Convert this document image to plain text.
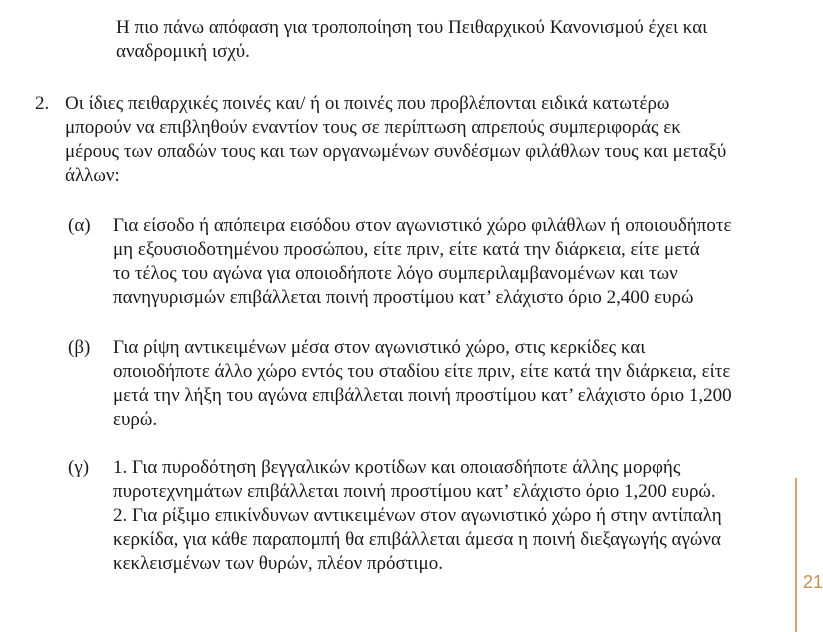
Η πιο πάνω απόφαση για τροποποίηση του Πειθαρχικού Κανονισμού έχει και
αναδρομική ισχύ.
2. Οι ίδιες πειθαρχικές ποινές και/ ή οι ποινές που προβλέπονται ειδικά κατωτέρω
μπορούν να επιβληθούν εναντίον τους σε περίπτωση απρεπούς συμπεριφοράς εκ
μέρους των οπαδών τους και των οργανωμένων συνδέσμων φιλάθλων τους και μεταξύ
άλλων:
(α) Για είσοδο ή απόπειρα εισόδου στον αγωνιστικό χώρο φιλάθλων ή οποιουδήποτε
μη εξουσιοδοτημένου προσώπου, είτε πριν, είτε κατά την διάρκεια, είτε μετά
το τέλος του αγώνα για οποιοδήποτε λόγο συμπεριλαμβανομένων και των
πανηγυρισμών επιβάλλεται ποινή προστίμου κατ’ ελάχιστο όριο 2,400 ευρώ
(β) Για ρίψη αντικειμένων μέσα στον αγωνιστικό χώρο, στις κερκίδες και
οποιοδήποτε άλλο χώρο εντός του σταδίου είτε πριν, είτε κατά την διάρκεια, είτε
μετά την λήξη του αγώνα επιβάλλεται ποινή προστίμου κατ’ ελάχιστο όριο 1,200
ευρώ.
(γ) 1. Για πυροδότηση βεγγαλικών κροτίδων και οποιασδήποτε άλλης μορφής
πυροτεχνημάτων επιβάλλεται ποινή προστίμου κατ’ ελάχιστο όριο 1,200 ευρώ.
2. Για ρίξιμο επικίνδυνων αντικειμένων στον αγωνιστικό χώρο ή στην αντίπαλη
κερκίδα, για κάθε παραπομπή θα επιβάλλεται άμεσα η ποινή διεξαγωγής αγώνα
κεκλεισμένων των θυρών, πλέον πρόστιμο.
21
